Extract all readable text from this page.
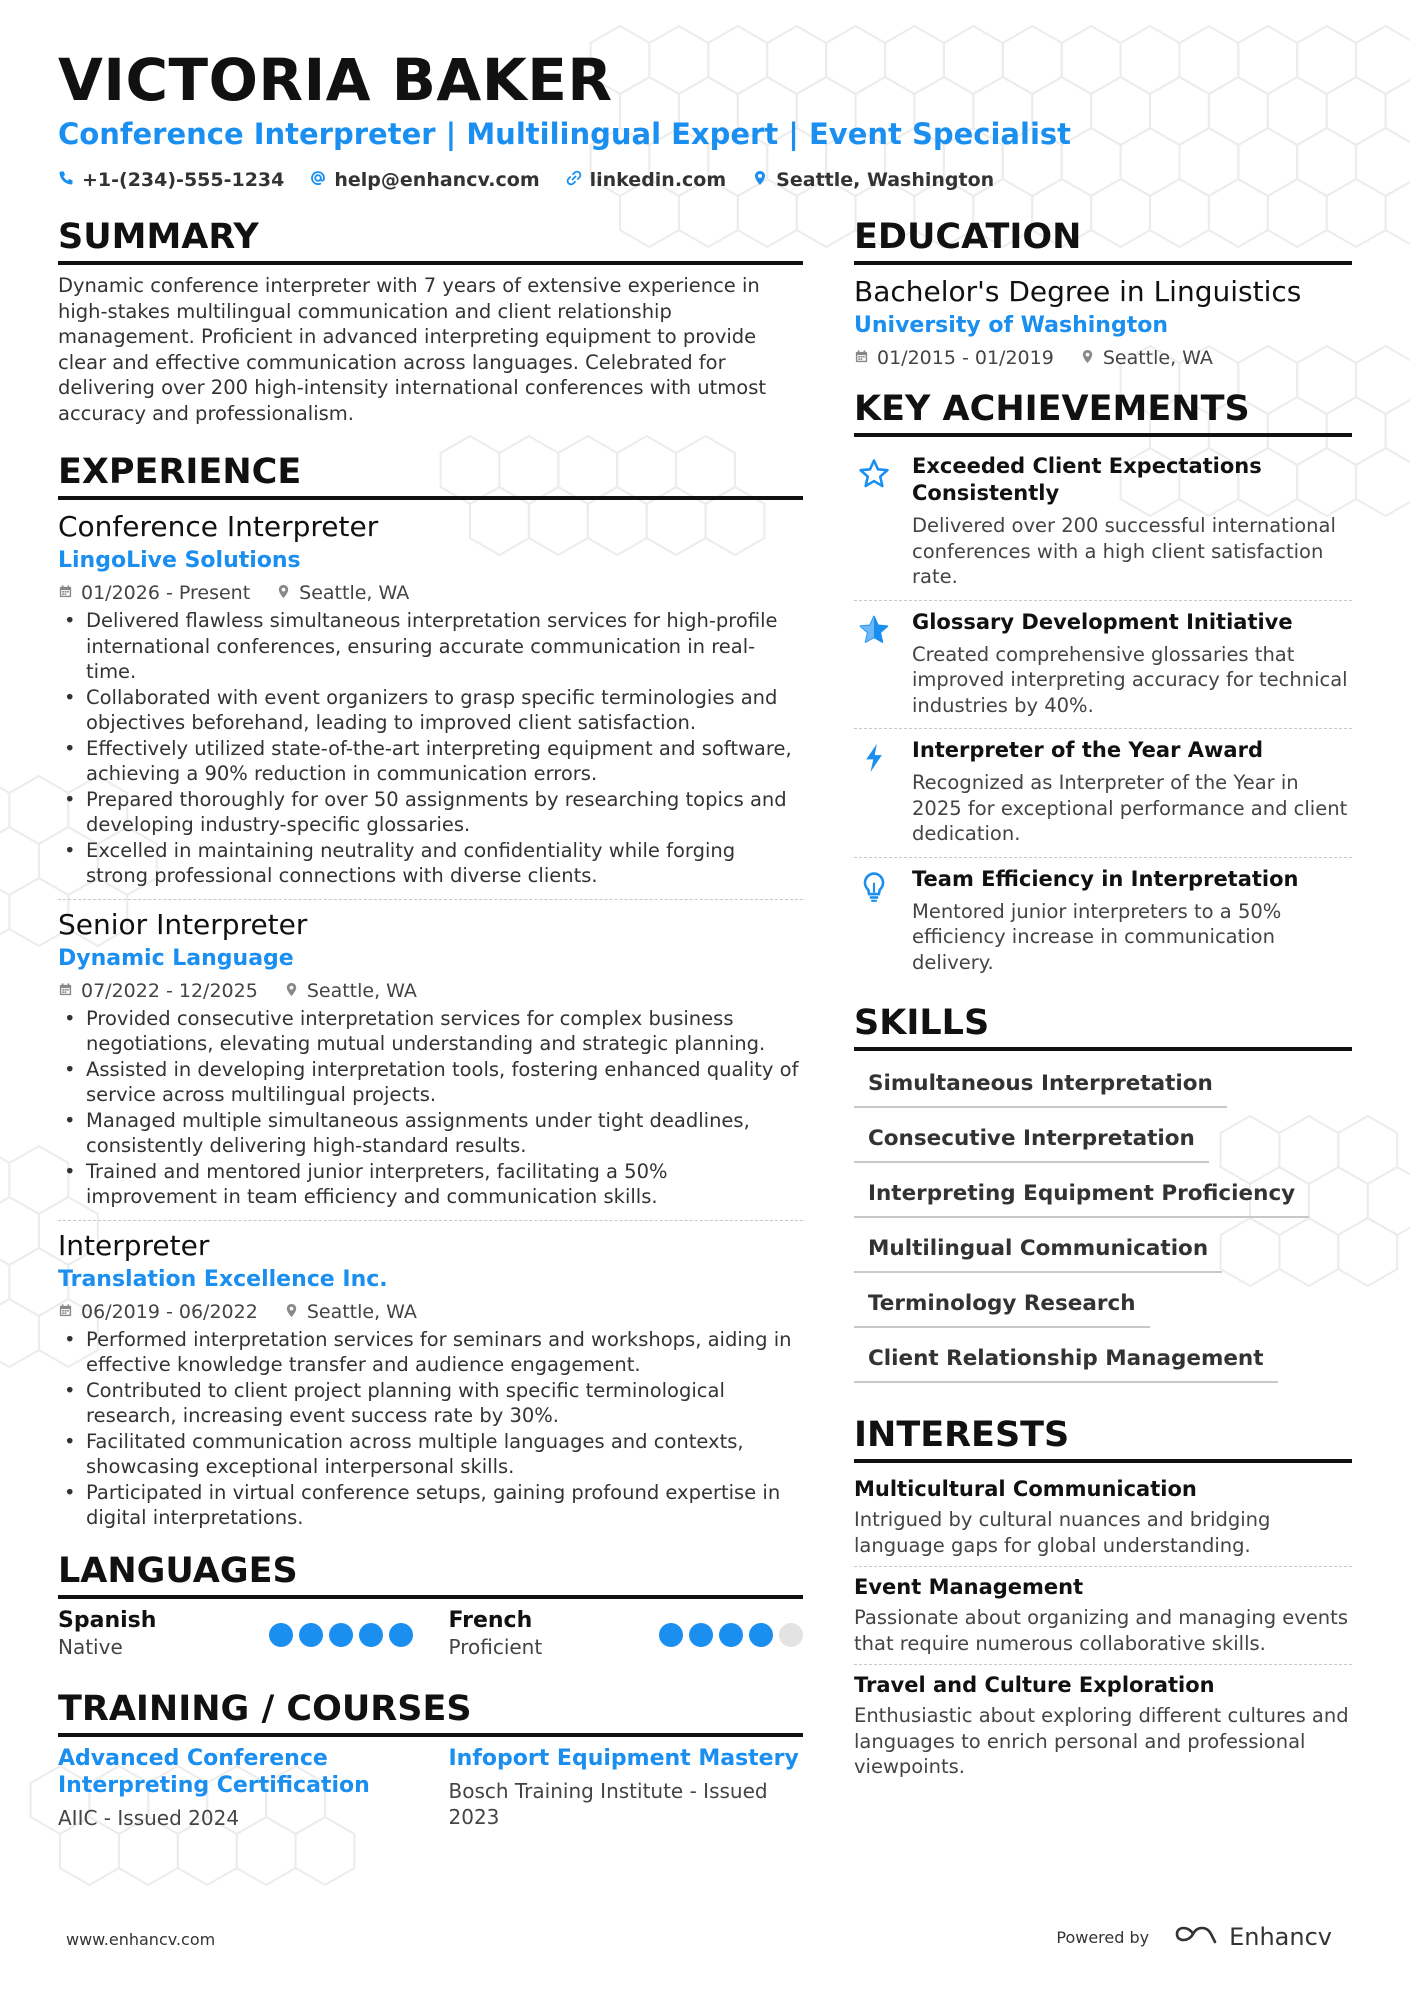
VICTORIA BAKER
Conference Interpreter | Multilingual Expert | Event Specialist
+1-(234)-555-1234	help@enhancv.com	linkedin.com	Seattle, Washington
SUMMARY

Dynamic conference interpreter with 7 years of extensive experience in high-stakes multilingual communication and client relationship management. Proficient in advanced interpreting equipment to provide clear and effective communication across languages. Celebrated for delivering over 200 high-intensity international conferences with utmost accuracy and professionalism.

EXPERIENCE
Conference Interpreter
LingoLive Solutions
01/2026 - Present	Seattle, WA
• Delivered flawless simultaneous interpretation services for high-profile international conferences, ensuring accurate communication in real-time.
• Collaborated with event organizers to grasp specific terminologies and objectives beforehand, leading to improved client satisfaction.
• Effectively utilized state-of-the-art interpreting equipment and software, achieving a 90% reduction in communication errors.
• Prepared thoroughly for over 50 assignments by researching topics and developing industry-specific glossaries.
• Excelled in maintaining neutrality and confidentiality while forging strong professional connections with diverse clients.
Senior Interpreter
Dynamic Language
07/2022 - 12/2025	Seattle, WA
• Provided consecutive interpretation services for complex business negotiations, elevating mutual understanding and strategic planning.
• Assisted in developing interpretation tools, fostering enhanced quality of service across multilingual projects.
• Managed multiple simultaneous assignments under tight deadlines, consistently delivering high-standard results.
• Trained and mentored junior interpreters, facilitating a 50% improvement in team efficiency and communication skills.
Interpreter
Translation Excellence Inc.
06/2019 - 06/2022	Seattle, WA
• Performed interpretation services for seminars and workshops, aiding in effective knowledge transfer and audience engagement.
• Contributed to client project planning with specific terminological research, increasing event success rate by 30%.
• Facilitated communication across multiple languages and contexts, showcasing exceptional interpersonal skills.
• Participated in virtual conference setups, gaining profound expertise in digital interpretations.
LANGUAGES
Spanish
Native
French
Proficient
TRAINING / COURSES
Advanced Conference Interpreting Certification
AIIC - Issued 2024
Infoport Equipment Mastery
Bosch Training Institute - Issued 2023
EDUCATION
Bachelor's Degree in Linguistics
University of Washington
01/2015 - 01/2019	Seattle, WA
KEY ACHIEVEMENTS
Exceeded Client Expectations Consistently
Delivered over 200 successful international conferences with a high client satisfaction rate.
Glossary Development Initiative
Created comprehensive glossaries that improved interpreting accuracy for technical industries by 40%.
Interpreter of the Year Award
Recognized as Interpreter of the Year in 2025 for exceptional performance and client dedication.
Team Efficiency in Interpretation
Mentored junior interpreters to a 50% efficiency increase in communication delivery.
SKILLS
Simultaneous Interpretation
Consecutive Interpretation
Interpreting Equipment Proficiency
Multilingual Communication
Terminology Research
Client Relationship Management
INTERESTS
Multicultural Communication
Intrigued by cultural nuances and bridging language gaps for global understanding.
Event Management
Passionate about organizing and managing events that require numerous collaborative skills.
Travel and Culture Exploration
Enthusiastic about exploring different cultures and languages to enrich personal and professional viewpoints.
www.enhancv.com	Powered by	Enhancv
